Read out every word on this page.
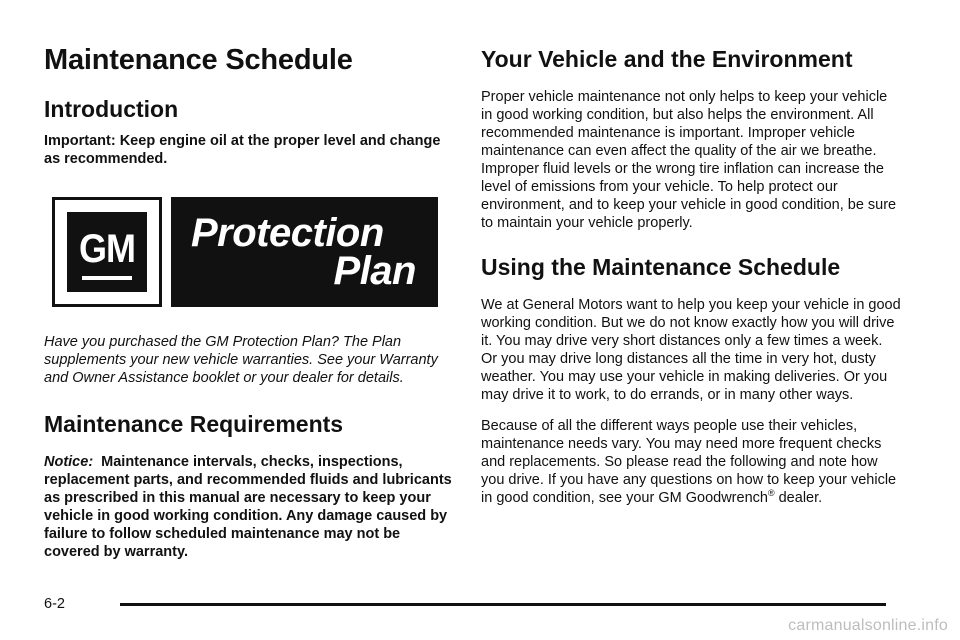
Maintenance Schedule
Introduction

Important: Keep engine oil at the proper level and change as recommended.

GM	Protection
Plan

Have you purchased the GM Protection Plan? The Plan supplements your new vehicle warranties. See your Warranty and Owner Assistance booklet or your dealer for details.

Maintenance Requirements

Notice: Maintenance intervals, checks, inspections, replacement parts, and recommended fluids and lubricants as prescribed in this manual are necessary to keep your vehicle in good working condition. Any damage caused by failure to follow scheduled maintenance may not be covered by warranty.

Your Vehicle and the Environment

Proper vehicle maintenance not only helps to keep your vehicle in good working condition, but also helps the environment. All recommended maintenance is important. Improper vehicle maintenance can even affect the quality of the air we breathe. Improper fluid levels or the wrong tire inflation can increase the level of emissions from your vehicle. To help protect our environment, and to keep your vehicle in good condition, be sure to maintain your vehicle properly.

Using the Maintenance Schedule

We at General Motors want to help you keep your vehicle in good working condition. But we do not know exactly how you will drive it. You may drive very short distances only a few times a week. Or you may drive long distances all the time in very hot, dusty weather. You may use your vehicle in making deliveries. Or you may drive it to work, to do errands, or in many other ways.

Because of all the different ways people use their vehicles, maintenance needs vary. You may need more frequent checks and replacements. So please read the following and note how you drive. If you have any questions on how to keep your vehicle in good condition, see your GM Goodwrench® dealer.

6-2
carmanualsonline.info
